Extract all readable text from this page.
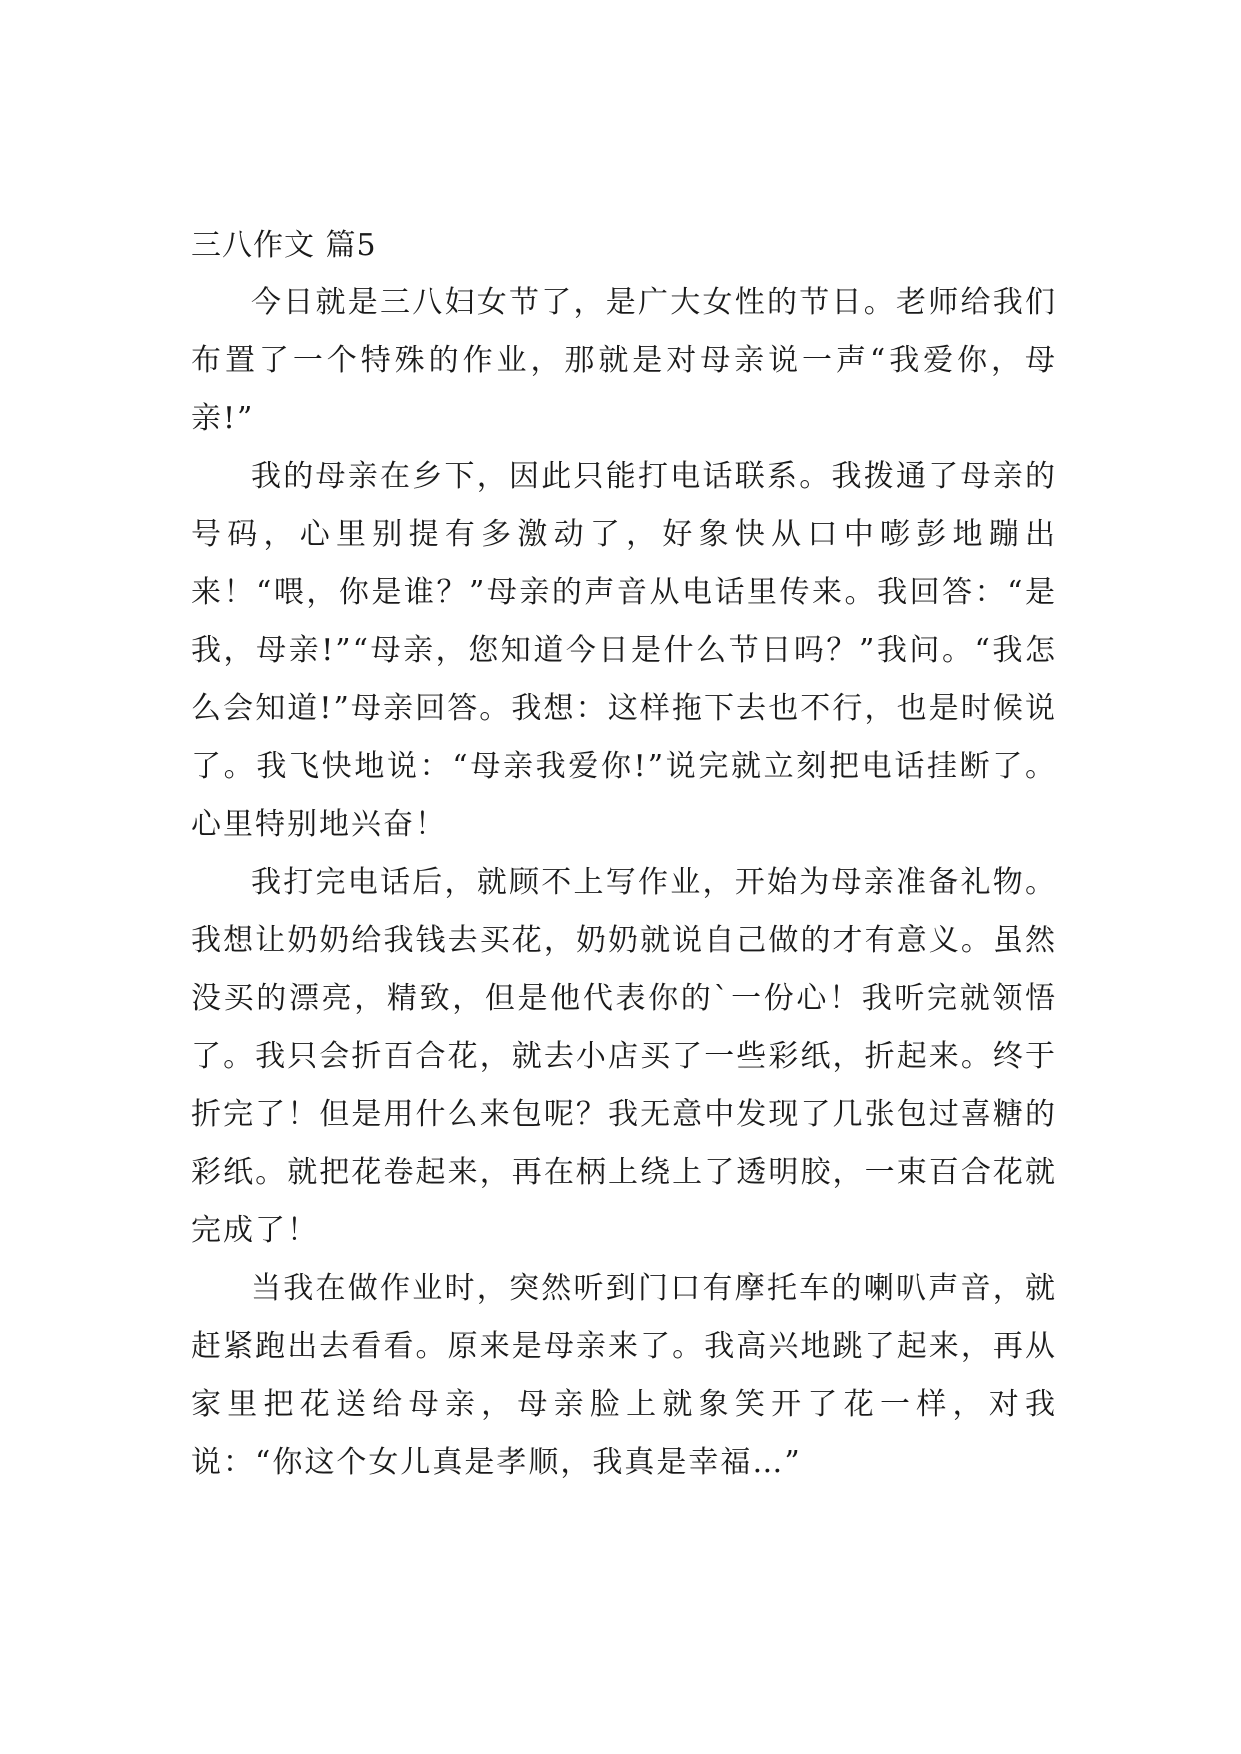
三八作文 篇5

今日就是三八妇女节了，是广大女性的节日。老师给我们布置了一个特殊的作业，那就是对母亲说一声“我爱你，母亲!”

我的母亲在乡下，因此只能打电话联系。我拨通了母亲的号码，心里别提有多激动了，好象快从口中嘭彭地蹦出来！“喂，你是谁？”母亲的声音从电话里传来。我回答：“是我，母亲!”“母亲，您知道今日是什么节日吗？”我问。“我怎么会知道!”母亲回答。我想：这样拖下去也不行，也是时候说了。我飞快地说：“母亲我爱你!”说完就立刻把电话挂断了。心里特别地兴奋！

我打完电话后，就顾不上写作业，开始为母亲准备礼物。我想让奶奶给我钱去买花，奶奶就说自己做的才有意义。虽然没买的漂亮，精致，但是他代表你的`一份心！我听完就领悟了。我只会折百合花，就去小店买了一些彩纸，折起来。终于折完了！但是用什么来包呢？我无意中发现了几张包过喜糖的彩纸。就把花卷起来，再在柄上绕上了透明胶，一束百合花就完成了！

当我在做作业时，突然听到门口有摩托车的喇叭声音，就赶紧跑出去看看。原来是母亲来了。我高兴地跳了起来，再从家里把花送给母亲，母亲脸上就象笑开了花一样，对我说：“你这个女儿真是孝顺，我真是幸福…”
